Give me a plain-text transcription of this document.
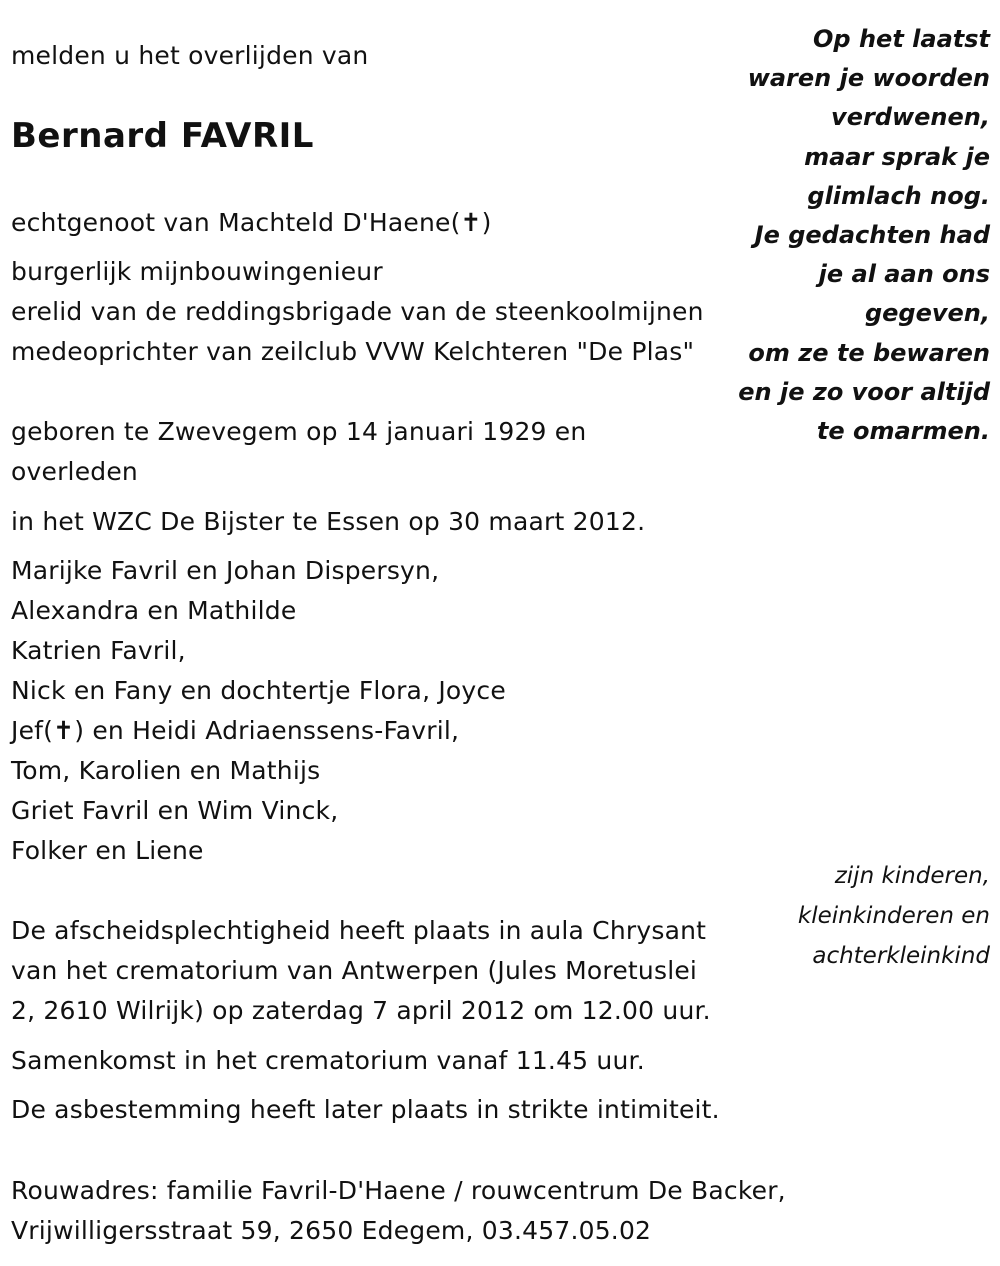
melden u het overlijden van
Bernard FAVRIL
echtgenoot van Machteld D'Haene(✝)
burgerlijk mijnbouwingenieur
erelid van de reddingsbrigade van de steenkoolmijnen
medeoprichter van zeilclub VVW Kelchteren "De Plas"
geboren te Zwevegem op 14 januari 1929 en
overleden
in het WZC De Bijster te Essen op 30 maart 2012.
Marijke Favril en Johan Dispersyn,
Alexandra en Mathilde
Katrien Favril,
Nick en Fany en dochtertje Flora, Joyce
Jef(✝) en Heidi Adriaenssens-Favril,
Tom, Karolien en Mathijs
Griet Favril en Wim Vinck,
Folker en Liene
De afscheidsplechtigheid heeft plaats in aula Chrysant
van het crematorium van Antwerpen (Jules Moretuslei
2, 2610 Wilrijk) op zaterdag 7 april 2012 om 12.00 uur.
Samenkomst in het crematorium vanaf 11.45 uur.
De asbestemming heeft later plaats in strikte intimiteit.
Rouwadres: familie Favril-D'Haene / rouwcentrum De Backer,
Vrijwilligersstraat 59, 2650 Edegem, 03.457.05.02
Op het laatst
waren je woorden
verdwenen,
maar sprak je
glimlach nog.
Je gedachten had
je al aan ons
gegeven,
om ze te bewaren
en je zo voor altijd
te omarmen.
zijn kinderen,
kleinkinderen en
achterkleinkind
